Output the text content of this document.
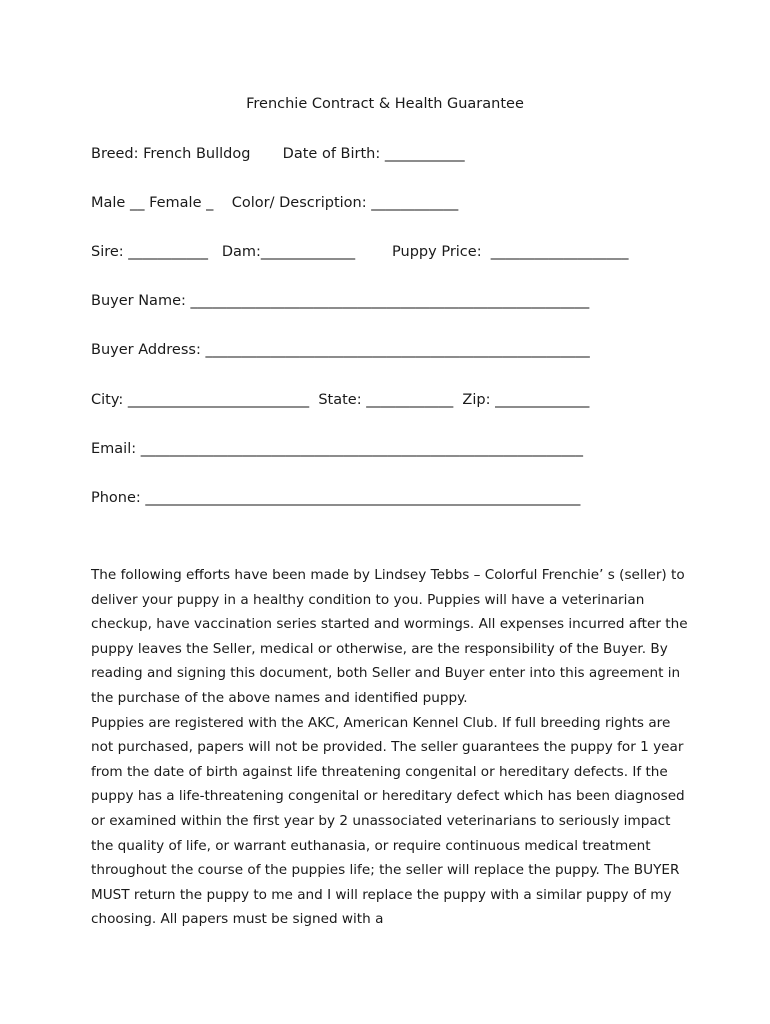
Frenchie Contract & Health Guarantee
Breed: French Bulldog       Date of Birth: ___________
Male __ Female _    Color/ Description: ____________
Sire: ___________   Dam:_____________        Puppy Price:  ___________________
Buyer Name: _______________________________________________________
Buyer Address: _____________________________________________________
City: _________________________  State: ____________  Zip: _____________
Email: _____________________________________________________________
Phone: ____________________________________________________________

The following efforts have been made by Lindsey Tebbs – Colorful Frenchie’ s (seller) to deliver your puppy in a healthy condition to you. Puppies will have a veterinarian checkup, have vaccination series started and wormings. All expenses incurred after the puppy leaves the Seller, medical or otherwise, are the responsibility of the Buyer. By reading and signing this document, both Seller and Buyer enter into this agreement in the purchase of the above names and identified puppy.

Puppies are registered with the AKC, American Kennel Club. If full breeding rights are not purchased, papers will not be provided. The seller guarantees the puppy for 1 year from the date of birth against life threatening congenital or hereditary defects. If the puppy has a life-threatening congenital or hereditary defect which has been diagnosed or examined within the first year by 2 unassociated veterinarians to seriously impact the quality of life, or warrant euthanasia, or require continuous medical treatment throughout the course of the puppies life; the seller will replace the puppy. The BUYER MUST return the puppy to me and I will replace the puppy with a similar puppy of my choosing. All papers must be signed with a
